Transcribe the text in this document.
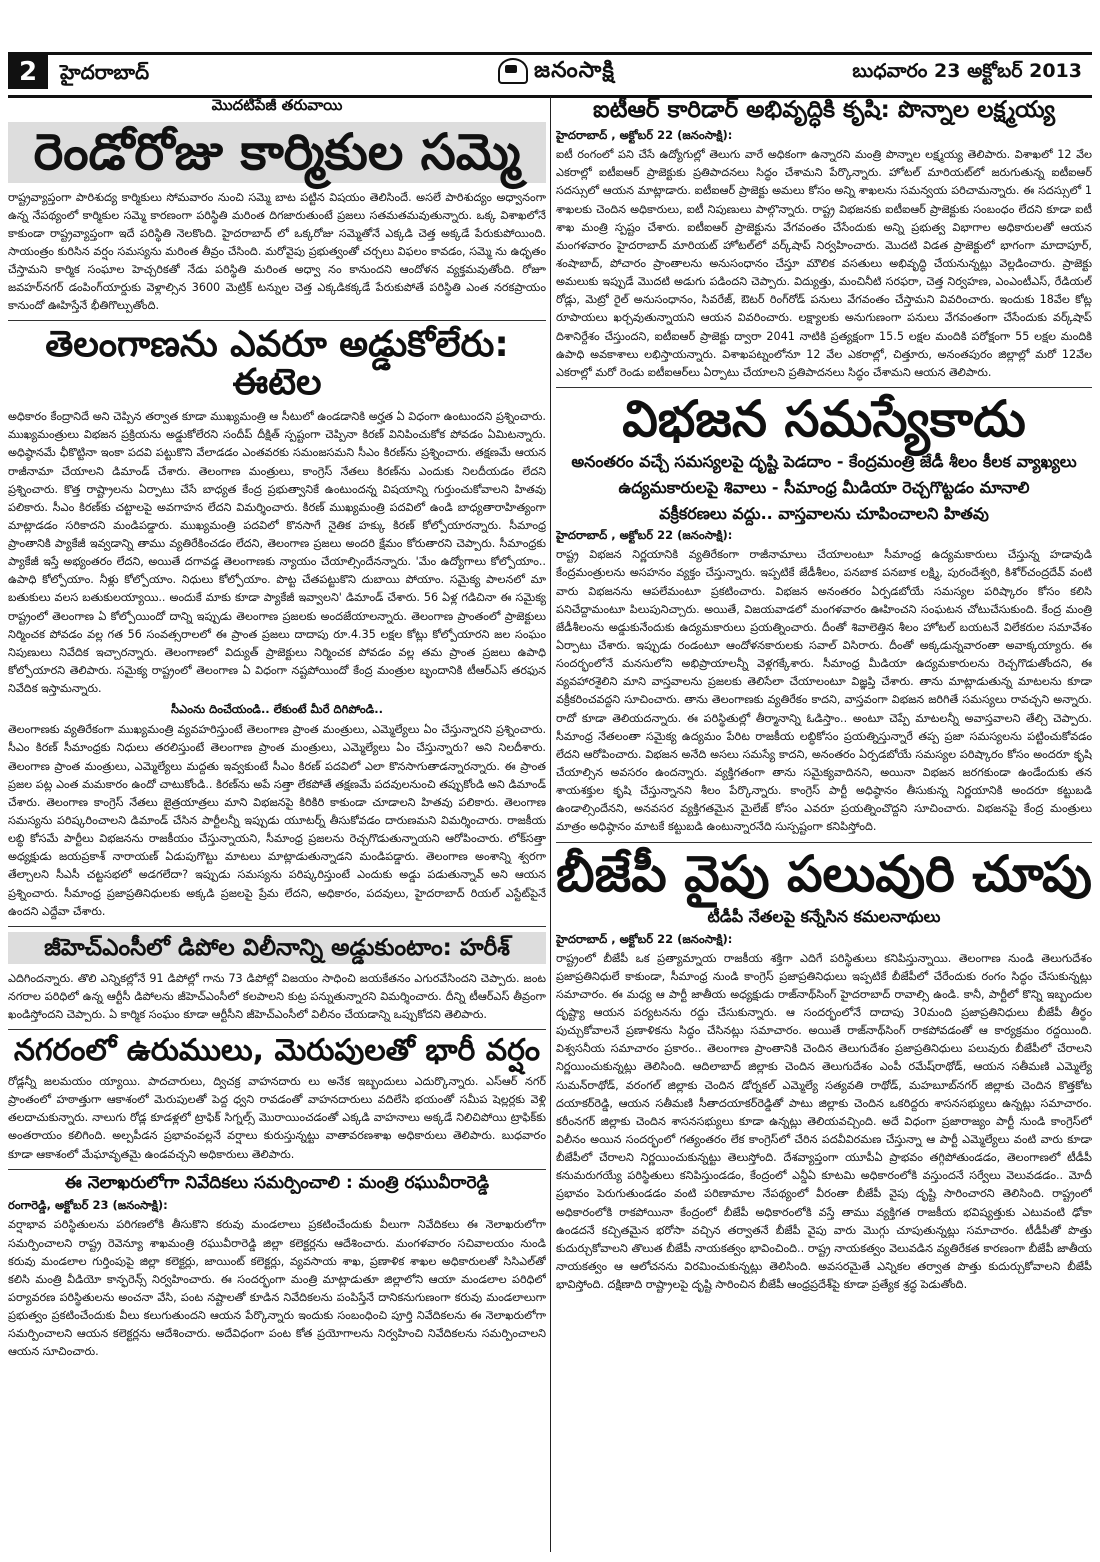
2	హైదరాబాద్	జనంసాక్షి	బుధవారం 23 అక్టోబర్ 2013
మొదటిపేజీ తరువాయి
రెండోరోజు కార్మికుల సమ్మె

రాష్ట్రవ్యాప్తంగా పారిశుద్య కార్మికులు సోమవారం నుంచి సమ్మె బాట పట్టిన విషయం తెలిసిందే. అసలే పారిశుద్యం అధ్వానంగా ఉన్న నేపథ్యంలో కార్మికుల సమ్మె కారణంగా పరిస్థితి మరింత దిగజారుతుంటే ప్రజలు సతమతమవుతున్నారు. ఒక్క విశాఖలోనే కాకుండా రాష్ట్రవ్యాప్తంగా ఇదే పరిస్థితి నెలకొంది. హైదరాబాద్ లో ఒక్కరోజు సమ్మెతోనే ఎక్కడి చెత్త అక్కడే పేరుకుపోయింది. సాయంత్రం కురిసిన వర్షం సమస్యను మరింత తీవ్రం చేసింది. మరోవైపు ప్రభుత్వంతో చర్చలు విఫలం కావడం, సమ్మె ను ఉధృతం చేస్తామని కార్మిక సంఘాల హెచ్చరికతో నేడు పరిస్థితి మరింత అధ్వా నం కానుందని ఆందోళన వ్యక్తమవుతోంది. రోజూ జవహర్‌నగర్ డంపింగ్‌యార్డుకు వెళ్లాల్సిన 3600 మెట్రిక్ టన్నుల చెత్త ఎక్కడికక్కడే పేరుకుపోతే పరిస్థితి ఎంత నరకప్రాయం కానుందో ఊహిస్తేనే భీతిగొల్పుతోంది.

తెలంగాణను ఎవరూ అడ్డుకోలేరు: ఈటెల

అధికారం కేంద్రానిదే అని చెప్పిన తర్వాత కూడా ముఖ్యమంత్రి ఆ సీటులో ఉండడానికి అర్హత ఏ విధంగా ఉంటుందని ప్రశ్నించారు. ముఖ్యమంత్రులు విభజన ప్రక్రియను అడ్డుకోలేరని సందీప్ దీక్షిత్ స్పష్టంగా చెప్పినా కిరణ్ వినిపించుకోక పోవడం ఏమిటన్నారు. అధిష్ఠానమే ఛీకొట్టినా ఇంకా పదవి పట్టుకొని వేలాడడం ఎంతవరకు సమంజసమని సీఎం కిరణ్‌ను ప్రశ్నించారు. తక్షణమే ఆయన రాజీనామా చేయాలని డిమాండ్ చేశారు. తెలంగాణ మంత్రులు, కాంగ్రెస్ నేతలు కిరణ్‌ను ఎందుకు నిలదీయడం లేదని ప్రశ్నించారు. కొత్త రాష్ట్రాలను ఏర్పాటు చేసే బాధ్యత కేంద్ర ప్రభుత్వానికే ఉంటుందన్న విషయాన్ని గుర్తుంచుకోవాలని హితవు పలికారు. సీఎం కిరణ్‌కు చట్టాలపై అవగాహన లేదని విమర్శించారు. కిరణ్ ముఖ్యమంత్రి పదవిలో ఉండి బాధ్యతారాహిత్యంగా మాట్లాడడం సరికాదని మండిపడ్డారు. ముఖ్యమంత్రి పదవిలో కొనసాగే నైతిక హక్కు కిరణ్ కోల్పోయారన్నారు. సీమాంధ్ర ప్రాంతానికి ప్యాకేజీ ఇవ్వడాన్ని తాము వ్యతిరేకించడం లేదని, తెలంగాణ ప్రజలు అందరి క్షేమం కోరుతారని చెప్పారు. సీమాంధ్రకు ప్యాకేజీ ఇస్తే అభ్యంతరం లేదని, అయితే దగావడ్డ తెలంగాణకు న్యాయం చేయాల్సిందేనన్నారు. 'మేం ఉద్యోగాలు కోల్పోయాం.. ఉపాధి కోల్పోయాం. నీళ్లు కోల్పోయాం. నిధులు కోల్పోయాం. పొట్ట చేతపట్టుకొని దుబాయి పోయాం. సమైక్య పాలనలో మా బతుకులు వలస బతుకులయ్యాయి.. అందుకే మాకు కూడా ప్యాకేజీ ఇవ్వాలని' డిమాండ్ చేశారు. 56 ఏళ్ల గడిచినా ఈ సమైక్య రాష్ట్రంలో తెలంగాణ ఏ కోల్పోయిందో దాన్ని ఇప్పుడు తెలంగాణ ప్రజలకు అందజేయాలన్నారు. తెలంగాణ ప్రాంతంలో ప్రాజెక్టులు నిర్మించక పోవడం వల్ల గత 56 సంవత్సరాలలో ఈ ప్రాంత ప్రజలు దాదాపు రూ.4.35 లక్షల కోట్లు కోల్పోయారని జల సంఘం నిపుణులు నివేదిక ఇచ్చారన్నారు. తెలంగాణలో విద్యుత్ ప్రాజెక్టులు నిర్మించక పోవడం వల్ల తమ ప్రాంత ప్రజలు ఉపాధి కోల్పోయారని తెలిపారు. సమైక్య రాష్ట్రంలో తెలంగాణ ఏ విధంగా నష్టపోయిందో కేంద్ర మంత్రుల బృందానికి టీఆర్ఎస్ తరఫున నివేదిక ఇస్తామన్నారు.

సీఎంను దించేయండి.. లేకుంటే మీరే దిగిపోండి..

తెలంగాణకు వ్యతిరేకంగా ముఖ్యమంత్రి వ్యవహరిస్తుంటే తెలంగాణ ప్రాంత మంత్రులు, ఎమ్మెల్యేలు ఏం చేస్తున్నారని ప్రశ్నించారు. సీఎం కిరణ్ సీమాంధ్రకు నిధులు తరలిస్తుంటే తెలంగాణ ప్రాంత మంత్రులు, ఎమ్మెల్యేలు ఏం చేస్తున్నారు? అని నిలదీశారు. తెలంగాణ ప్రాంత మంత్రులు, ఎమ్మెల్యేలు మద్దతు ఇవ్వకుంటే సీఎం కిరణ్ పదవిలో ఎలా కొనసాగుతాడన్నారన్నారు. ఈ ప్రాంత ప్రజల పట్ల ఎంత మమకారం ఉందో చాటుకోండి.. కిరణ్‌ను అపే సత్తా లేకపోతే తక్షణమే పదవులనుంచి తప్పుకోండి అని డిమాండ్ చేశారు. తెలంగాణ కాంగ్రెస్ నేతలు జైత్రయాత్రలు మాని విభజనపై కిరికిరి కాకుండా చూడాలని హితవు పలికారు. తెలంగాణ సమస్యను పరిష్కరించాలని డిమాండ్ చేసిన పార్టీలన్నీ ఇప్పుడు యూటర్న్ తీసుకోవడం దారుణమని విమర్శించారు. రాజకీయ లబ్ధి కోసమే పార్టీలు విభజనను రాజకీయం చేస్తున్నాయని, సీమాంధ్ర ప్రజలను రెచ్చగొడుతున్నాయని ఆరోపించారు. లోక్‌సత్తా అధ్యక్షుడు జయప్రకాశ్ నారాయణ్ ఏడుపుగొట్టు మాటలు మాట్లాడుతున్నాడని మండిపడ్డారు. తెలంగాణ అంశాన్ని శ్వరగా తేల్చాలని సీఎసీ చట్టసభలో అడగలేదా? ఇప్పుడు సమస్యను పరిష్కరిస్తుంటే ఎందుకు అడ్డు పడుతున్నావ్ అని ఆయన ప్రశ్నించారు. సీమాంధ్ర ప్రజాప్రతినిధులకు అక్కడి ప్రజలపై ప్రేమ లేదని, అధికారం, పదవులు, హైదరాబాద్ రియల్ ఎస్టేట్‌పైనే ఉందని ఎద్దేవా చేశారు.

జీహెచ్ఎంసీలో డిపోల విలీనాన్ని అడ్డుకుంటాం: హరీశ్

ఎదిగిందన్నారు. తొలి ఎన్నికల్లోనే 91 డిపోల్లో గాను 73 డిపోల్లో విజయం సాధించి జయకేతనం ఎగురవేసిందని చెప్పారు. జంట నగరాల పరిధిలో ఉన్న ఆర్టీసీ డిపోలను జీహెచ్ఎంసీలో కలపాలని కుట్ర పన్నుతున్నారని విమర్శించారు. దీన్ని టీఆర్ఎస్ తీవ్రంగా ఖండిస్తోందని చెప్పారు. ఏ కార్మిక సంఘం కూడా ఆర్టీసీని జీహెచ్ఎంసీలో విలీనం చేయడాన్ని ఒప్పుకోదని తెలిపారు.

నగరంలో ఉరుములు, మెరుపులతో భారీ వర్షం

రోడ్లన్నీ జలమయం య్యాయి. పాదచారులు, ద్విచక్ర వాహనదారు లు అనేక ఇబ్బందులు ఎదుర్కొన్నారు. ఎస్ఆర్ నగర్ ప్రాంతంలో హఠాత్తుగా ఆకాశంలో మెరుపులతో పెద్ద ధ్వని రావడంతో వాహనదారులు వదిలేసి భయంతో సమీప షెల్లర్లకు వెళ్లి తలదాచుకున్నారు. నాలుగు రోడ్ల కూడళ్లలో ట్రాఫిక్ సిగ్నల్స్ మొరాయించడంతో ఎక్కడి వాహనాలు అక్కడే నిలిచిపోయి ట్రాఫిక్‌కు అంతరాయం కలిగింది. అల్పపీడన ప్రభావంవల్లనే వర్షాలు కురుస్తున్నట్టు వాతావరణశాఖ అధికారులు తెలిపారు. బుధవారం కూడా ఆకాశంలో మేఘావృతమై ఉండవచ్చని అధికారులు తెలిపారు.

ఈ నెలాఖరులోగా నివేదికలు సమర్పించాలి : మంత్రి రఘువీరారెడ్డి
రంగారెడ్డి, అక్టోబర్ 23 (జనంసాక్షి):

వర్షాభావ పరిస్థితులను పరిగణలోకి తీసుకొని కరువు మండలాలు ప్రకటించేందుకు వీలుగా నివేదికలు ఈ నెలాఖరులోగా సమర్పించాలని రాష్ట్ర రెవెన్యూ శాఖమంత్రి రఘువీరారెడ్డి జిల్లా కలెక్టర్లను ఆదేశించారు. మంగళవారం సచివాలయం నుండి కరువు మండలాల గుర్తింపుపై జిల్లా కలెక్టర్లు, జాయింట్ కలెక్టర్లు, వ్యవసాయ శాఖ, ప్రణాళిక శాఖల అధికారులతో సిసిఎల్‌తో కలిసి మంత్రి వీడియో కాన్ఫరెన్స్ నిర్వహించారు. ఈ సందర్భంగా మంత్రి మాట్లాడుతూ జిల్లాలోని ఆయా మండలాల పరిధిలో పర్యావరణ పరిస్థితులను అంచనా వేసి, పంట నష్టాలతో కూడిన నివేదికలను పంపిస్తేనే దానికనుగుణంగా కరువు మండలాలుగా ప్రభుత్వం ప్రకటించేందుకు వీలు కలుగుతుందని ఆయన పేర్కొన్నారు ఇందుకు సంబంధించి పూర్తి నివేదికలను ఈ నెలాఖరులోగా సమర్పించాలని ఆయన కలెక్టర్లను ఆదేశించారు. అదేవిధంగా పంట కోత ప్రయోగాలను నిర్వహించి నివేదికలను సమర్పించాలని ఆయన సూచించారు.

ఐటీఆర్ కారిడార్ అభివృద్ధికి కృషి: పొన్నాల లక్ష్మయ్య
హైదరాబాద్ , అక్టోబర్ 22 (జనంసాక్షి):

ఐటీ రంగంలో పని చేసే ఉద్యోగుల్లో తెలుగు వారే అధికంగా ఉన్నారని మంత్రి పొన్నాల లక్ష్మయ్య తెలిపారు. విశాఖలో 12 వేల ఎకరాల్లో ఐటీఐఆర్ ప్రాజెక్టుకు ప్రతిపాదనలు సిద్ధం చేశామని పేర్కొన్నారు. హోటల్ మారియట్‌లో జరుగుతున్న ఐటీఐఆర్ సదస్సులో ఆయన మాట్లాడారు. ఐటీఐఆర్ ప్రాజెక్టు అమలు కోసం అన్ని శాఖలను సమన్వయ పరిచామన్నారు. ఈ సదస్సులో 1 శాఖలకు చెందిన అధికారులు, ఐటీ నిపుణులు పాల్గొన్నారు. రాష్ట్ర విభజనకు ఐటీఐఆర్ ప్రాజెక్టుకు సంబంధం లేదని కూడా ఐటీ శాఖ మంత్రి స్పష్టం చేశారు. ఐటీఐఆర్ ప్రాజెక్టును వేగవంతం చేసేందుకు అన్ని ప్రభుత్వ విభాగాల అధికారులతో ఆయన మంగళవారం హైదరాబాద్ మారియట్ హోటల్‌లో వర్క్‌షాప్ నిర్వహించారు. మొదటి విడత ప్రాజెక్టులో భాగంగా మాదాపూర్, శంషాబాద్, పోచారం ప్రాంతాలను అనుసంధానం చేస్తూ మౌలిక వసతులు అభివృద్ధి చేయనున్నట్లు వెల్లడించారు. ప్రాజెక్టు అమలుకు ఇప్పుడే మొదటి అడుగు పడిందని చెప్పారు. విద్యుత్తు, మంచినీటి సరఫరా, చెత్త నిర్వహణ, ఎంఎంటీఎస్, రేడియల్ రోడ్లు, మెట్రో రైల్ అనుసంధానం, సివరేజ్, ఔటర్ రింగ్‌రోడ్ పనులు వేగవంతం చేస్తామని వివరించారు. ఇందుకు 18వేల కోట్ల రూపాయలు ఖర్చవుతున్నాయని ఆయన వివరించారు. లక్ష్యాలకు అనుగుణంగా పనులు వేగవంతంగా చేసేందుకు వర్క్‌షాప్ దిశానిర్దేశం చేస్తుందని, ఐటీఐఆర్ ప్రాజెక్టు ద్వారా 2041 నాటికి ప్రత్యక్షంగా 15.5 లక్షల మందికి పరోక్షంగా 55 లక్షల మందికి ఉపాధి అవకాశాలు లభిస్తాయన్నారు. విశాఖపట్నంలోనూ 12 వేల ఎకరాల్లో, చిత్తూరు, అనంతపురం జిల్లాల్లో మరో 12వేల ఎకరాల్లో మరో రెండు ఐటీఐఆర్‌లు ఏర్పాటు చేయాలని ప్రతిపాదనలు సిద్ధం చేశామని ఆయన తెలిపారు.

విభజన సమస్యేకాదు
అనంతరం వచ్చే సమస్యలపై దృష్టి పెడదాం - కేంద్రమంత్రి జేడీ శీలం కీలక వ్యాఖ్యలు
ఉద్యమకారులపై శివాలు - సీమాంధ్ర మీడియా రెచ్చగొట్టడం మానాలి
వక్రీకరణలు వద్దు.. వాస్తవాలను చూపించాలని హితవు
హైదరాబాద్ , అక్టోబర్ 22 (జనంసాక్షి):

రాష్ట్ర విభజన నిర్ణయానికి వ్యతిరేకంగా రాజీనామాలు చేయాలంటూ సీమాంధ్ర ఉద్యమకారులు చేస్తున్న హడావుడి కేంద్రమంత్రులను అసహనం వ్యక్తం చేస్తున్నారు. ఇప్పటికే జేడీశీలం, పనబాక పనబాక లక్ష్మి, పురందేశ్వరి, కిశోర్‌చంద్రదేవ్ వంటి వారు విభజనను ఆపలేమంటూ ప్రకటించారు. విభజన అనంతరం ఏర్పడబోయే సమస్యల పరిష్కారం కోసం కలిసి పనిచేద్దామంటూ పిలుపునిచ్చారు. అయితే, విజయవాడలో మంగళవారం ఊహించని సంఘటన చోటుచేసుకుంది. కేంద్ర మంత్రి జేడీశీలంను అడ్డుకునేందుకు ఉద్యమకారులు ప్రయత్నించారు. దీంతో శివాలెత్తిన శీలం హోటల్ బయటనే విలేకరుల సమావేశం ఏర్పాటు చేశారు. ఇప్పుడు రండంటూ ఆందోళనకారులకు సవాల్ విసిరారు. దీంతో అక్కడున్నవారంతా అవాక్కయ్యారు. ఈ సందర్భంలోనే మనసులోని అభిప్రాయాలన్నీ వెళ్లగక్కేశారు. సీమాంధ్ర మీడియా ఉద్యమకారులను రెచ్చగొడుతోందని, ఈ వ్యవహారశైలిని మాని వాస్తవాలను ప్రజలకు తెలిసేలా చేయాలంటూ విజ్ఞప్తి చేశారు. తాను మాట్లాడుతున్న మాటలను కూడా వక్రీకరించవద్దని సూచించారు. తాను తెలంగాణకు వ్యతిరేకం కాదని, వాస్తవంగా విభజన జరిగితే సమస్యలు రావచ్చని అన్నారు. రాదో కూడా తెలియదన్నారు. ఈ పరిస్థితుల్లో తీర్మానాన్ని ఓడిస్తాం.. అంటూ చెప్పే మాటలన్నీ అవాస్తవాలని తేల్చి చెప్పారు. సీమాంధ్ర నేతలంతా సమైక్య ఉద్యమం పేరిట రాజకీయ లబ్ధికోసం ప్రయత్నిస్తున్నారే తప్ప ప్రజా సమస్యలను పట్టించుకోవడం లేదని ఆరోపించారు. విభజన అనేది అసలు సమస్యే కాదని, అనంతరం ఏర్పడబోయే సమస్యల పరిష్కారం కోసం అందరూ కృషి చేయాల్సిన అవసరం ఉందన్నారు. వ్యక్తిగతంగా తాను సమైక్యవాదినని, అయినా విభజన జరగకుండా ఉండేందుకు తన శాయశక్తుల కృషి చేస్తున్నానని శీలం పేర్కొన్నారు. కాంగ్రెస్ పార్టీ అధిష్ఠానం తీసుకున్న నిర్ణయానికి అందరూ కట్టుబడి ఉండాల్సిందేనని, అనవసర వ్యక్తిగతమైన మైలేజ్ కోసం ఎవరూ ప్రయత్నించొద్దని సూచించారు. విభజనపై కేంద్ర మంత్రులు మాత్రం అధిష్ఠానం మాటకే కట్టుబడి ఉంటున్నారనేది సుస్పష్టంగా కనిపిస్తోంది.

బీజేపీ వైపు పలువురి చూపు
టీడీపీ నేతలపై కన్నేసిన కమలనాథులు
హైదరాబాద్ , అక్టోబర్ 22 (జనంసాక్షి):

రాష్ట్రంలో బీజేపీ ఒక ప్రత్యామ్నాయ రాజకీయ శక్తిగా ఎదిగే పరిస్థితులు కనిపిస్తున్నాయి. తెలంగాణ నుండి తెలుగుదేశం ప్రజాప్రతినిధులే కాకుండా, సీమాంధ్ర నుండి కాంగ్రెస్ ప్రజాప్రతినిధులు ఇప్పటికే బీజేపీలో చేరేందుకు రంగం సిద్ధం చేసుకున్నట్లు సమాచారం. ఈ మధ్య ఆ పార్టీ జాతీయ అధ్యక్షుడు రాజ్‌నాథ్‌సింగ్ హైదరాబాద్ రావాల్సి ఉండి. కానీ, పార్టీలో కొన్ని ఇబ్బందుల దృష్ట్యా ఆయన పర్యటనను రద్దు చేసుకున్నారు. ఆ సందర్భంలోనే దాదాపు 30మంది ప్రజాప్రతినిధులు బీజేపీ తీర్థం పుచ్చుకోవాలనే ప్రణాళికను సిద్ధం చేసినట్లు సమాచారం. అయితే రాజ్‌నాథ్‌సింగ్ రాకపోవడంతో ఆ కార్యక్రమం రద్దయింది. విశ్వసనీయ సమాచారం ప్రకారం.. తెలంగాణ ప్రాంతానికి చెందిన తెలుగుదేశం ప్రజాప్రతినిధులు పలువురు బీజేపీలో చేరాలని నిర్ణయించుకున్నట్లు తెలిసింది. ఆదిలాబాద్ జిల్లాకు చెందిన తెలుగుదేశం ఎంపీ రమేష్‌రాథోడ్, ఆయన సతీమణి ఎమ్మెల్యే సుమన్‌రాథోడ్, వరంగల్ జిల్లాకు చెందిన డోర్నకల్ ఎమ్మెల్యే సత్యవతి రాథోడ్, మహబూబ్‌నగర్ జిల్లాకు చెందిన కొత్తకోట దయాకర్‌రెడ్డి, ఆయన సతీమణి సీతాదయాకర్‌రెడ్డితో పాటు జిల్లాకు చెందిన ఒకరిద్దరు శాసనసభ్యులు ఉన్నట్లు సమాచారం. కరీంనగర్ జిల్లాకు చెందిన శాసనసభ్యులు కూడా ఉన్నట్లు తెలియవచ్చింది. అదే విధంగా ప్రజారాజ్యం పార్టీ నుండి కాంగ్రెస్‌లో విలీనం అయిన సందర్భంలో గత్యంతరం లేక కాంగ్రెస్‌లో చేరిన పదవీవిరమణ చేస్తున్నా ఆ పార్టీ ఎమ్మెల్యేలు వంటి వారు కూడా బీజేపీలో చేరాలని నిర్ణయించుకున్నట్టు తెలుస్తోంది. దేశవ్యాప్తంగా యూపీఏ ప్రాభవం తగ్గిపోతుండడం, తెలంగాణలో టీడీపీ కనుమరుగయ్యే పరిస్థితులు కనిపిస్తుండడం, కేంద్రంలో ఎన్డీఏ కూటమి అధికారంలోకి వస్తుందనే సర్వేలు వెలువడడం.. మోదీ ప్రభావం పెరుగుతుండడం వంటి పరిణామాల నేపథ్యంలో వీరంతా బీజేపీ వైపు దృష్టి సారించారని తెలిసింది. రాష్ట్రంలో అధికారంలోకి రాకపోయినా కేంద్రంలో బీజేపీ అధికారంలోకి వస్తే తాము వ్యక్తిగత రాజకీయ భవిష్యత్తుకు ఎటువంటి ఢోకా ఉండదనే కచ్చితమైన భరోసా వచ్చిన తర్వాతనే బీజేపీ వైపు వారు మొగ్గు చూపుతున్నట్లు సమాచారం. టీడీపీతో పొత్తు కుదుర్చుకోవాలని తొలుత బీజేపీ నాయకత్వం భావించింది.. రాష్ట్ర నాయకత్వం వెలువడిన వ్యతిరేకత కారణంగా బీజేపీ జాతీయ నాయకత్వం ఆ ఆలోచనను విరమించుకున్నట్లు తెలిసింది. అవసరమైతే ఎన్నికల తర్వాత పొత్తు కుదుర్చుకోవాలని బీజేపీ భావిస్తోంది. దక్షిణాది రాష్ట్రాలపై దృష్టి సారించిన బీజేపీ ఆంధ్రప్రదేశ్‌పై కూడా ప్రత్యేక శ్రద్ధ పెడుతోంది.
